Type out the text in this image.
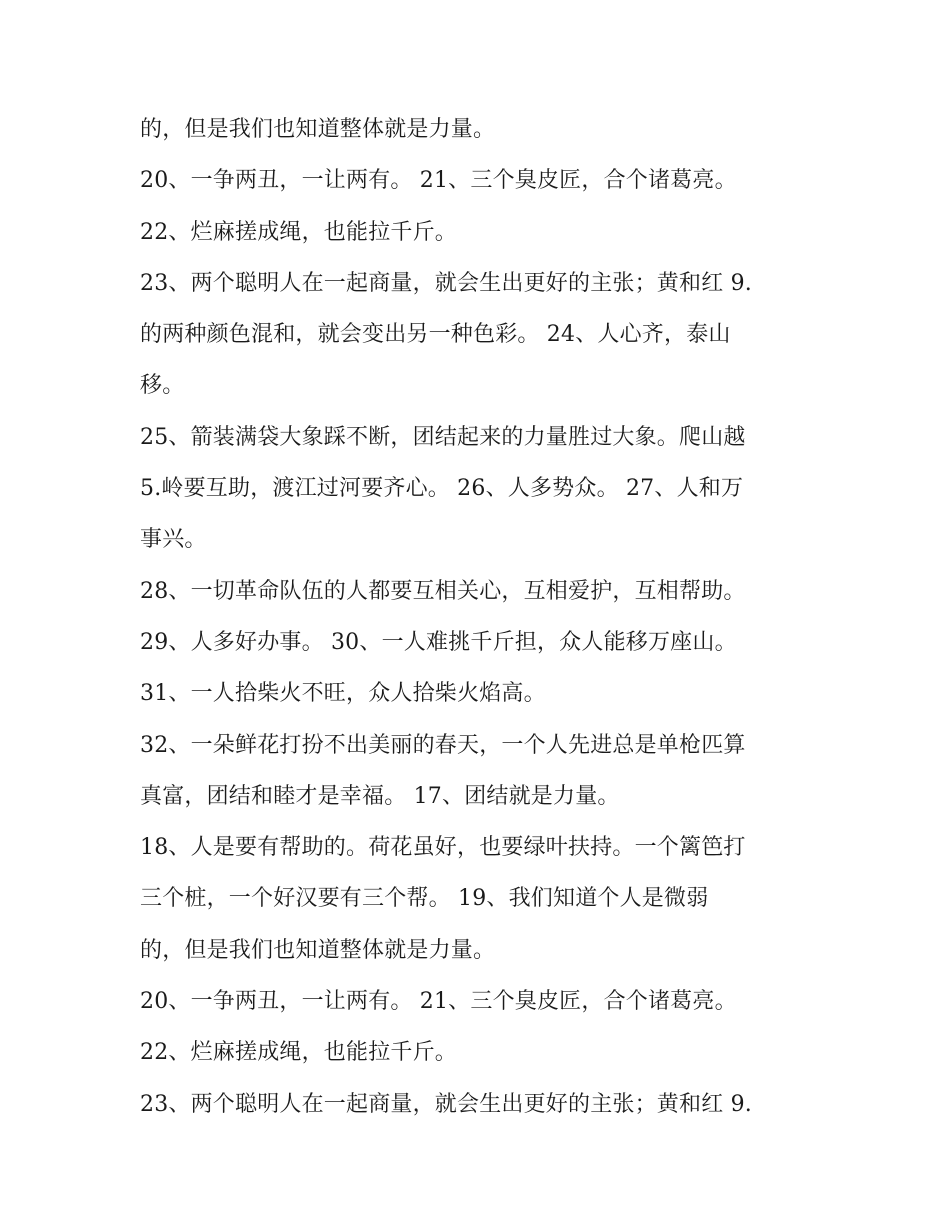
的，但是我们也知道整体就是力量。
20、一争两丑，一让两有。 21、三个臭皮匠，合个诸葛亮。
22、烂麻搓成绳，也能拉千斤。
23、两个聪明人在一起商量，就会生出更好的主张；黄和红 9.
的两种颜色混和，就会变出另一种色彩。 24、人心齐，泰山
移。
25、箭装满袋大象踩不断，团结起来的力量胜过大象。爬山越
5.岭要互助，渡江过河要齐心。 26、人多势众。 27、人和万
事兴。
28、一切革命队伍的人都要互相关心，互相爱护，互相帮助。
29、人多好办事。 30、一人难挑千斤担，众人能移万座山。
31、一人拾柴火不旺，众人拾柴火焰高。
32、一朵鲜花打扮不出美丽的春天，一个人先进总是单枪匹算
真富，团结和睦才是幸福。 17、团结就是力量。
18、人是要有帮助的。荷花虽好，也要绿叶扶持。一个篱笆打
三个桩，一个好汉要有三个帮。 19、我们知道个人是微弱
的，但是我们也知道整体就是力量。
20、一争两丑，一让两有。 21、三个臭皮匠，合个诸葛亮。
22、烂麻搓成绳，也能拉千斤。
23、两个聪明人在一起商量，就会生出更好的主张；黄和红 9.
